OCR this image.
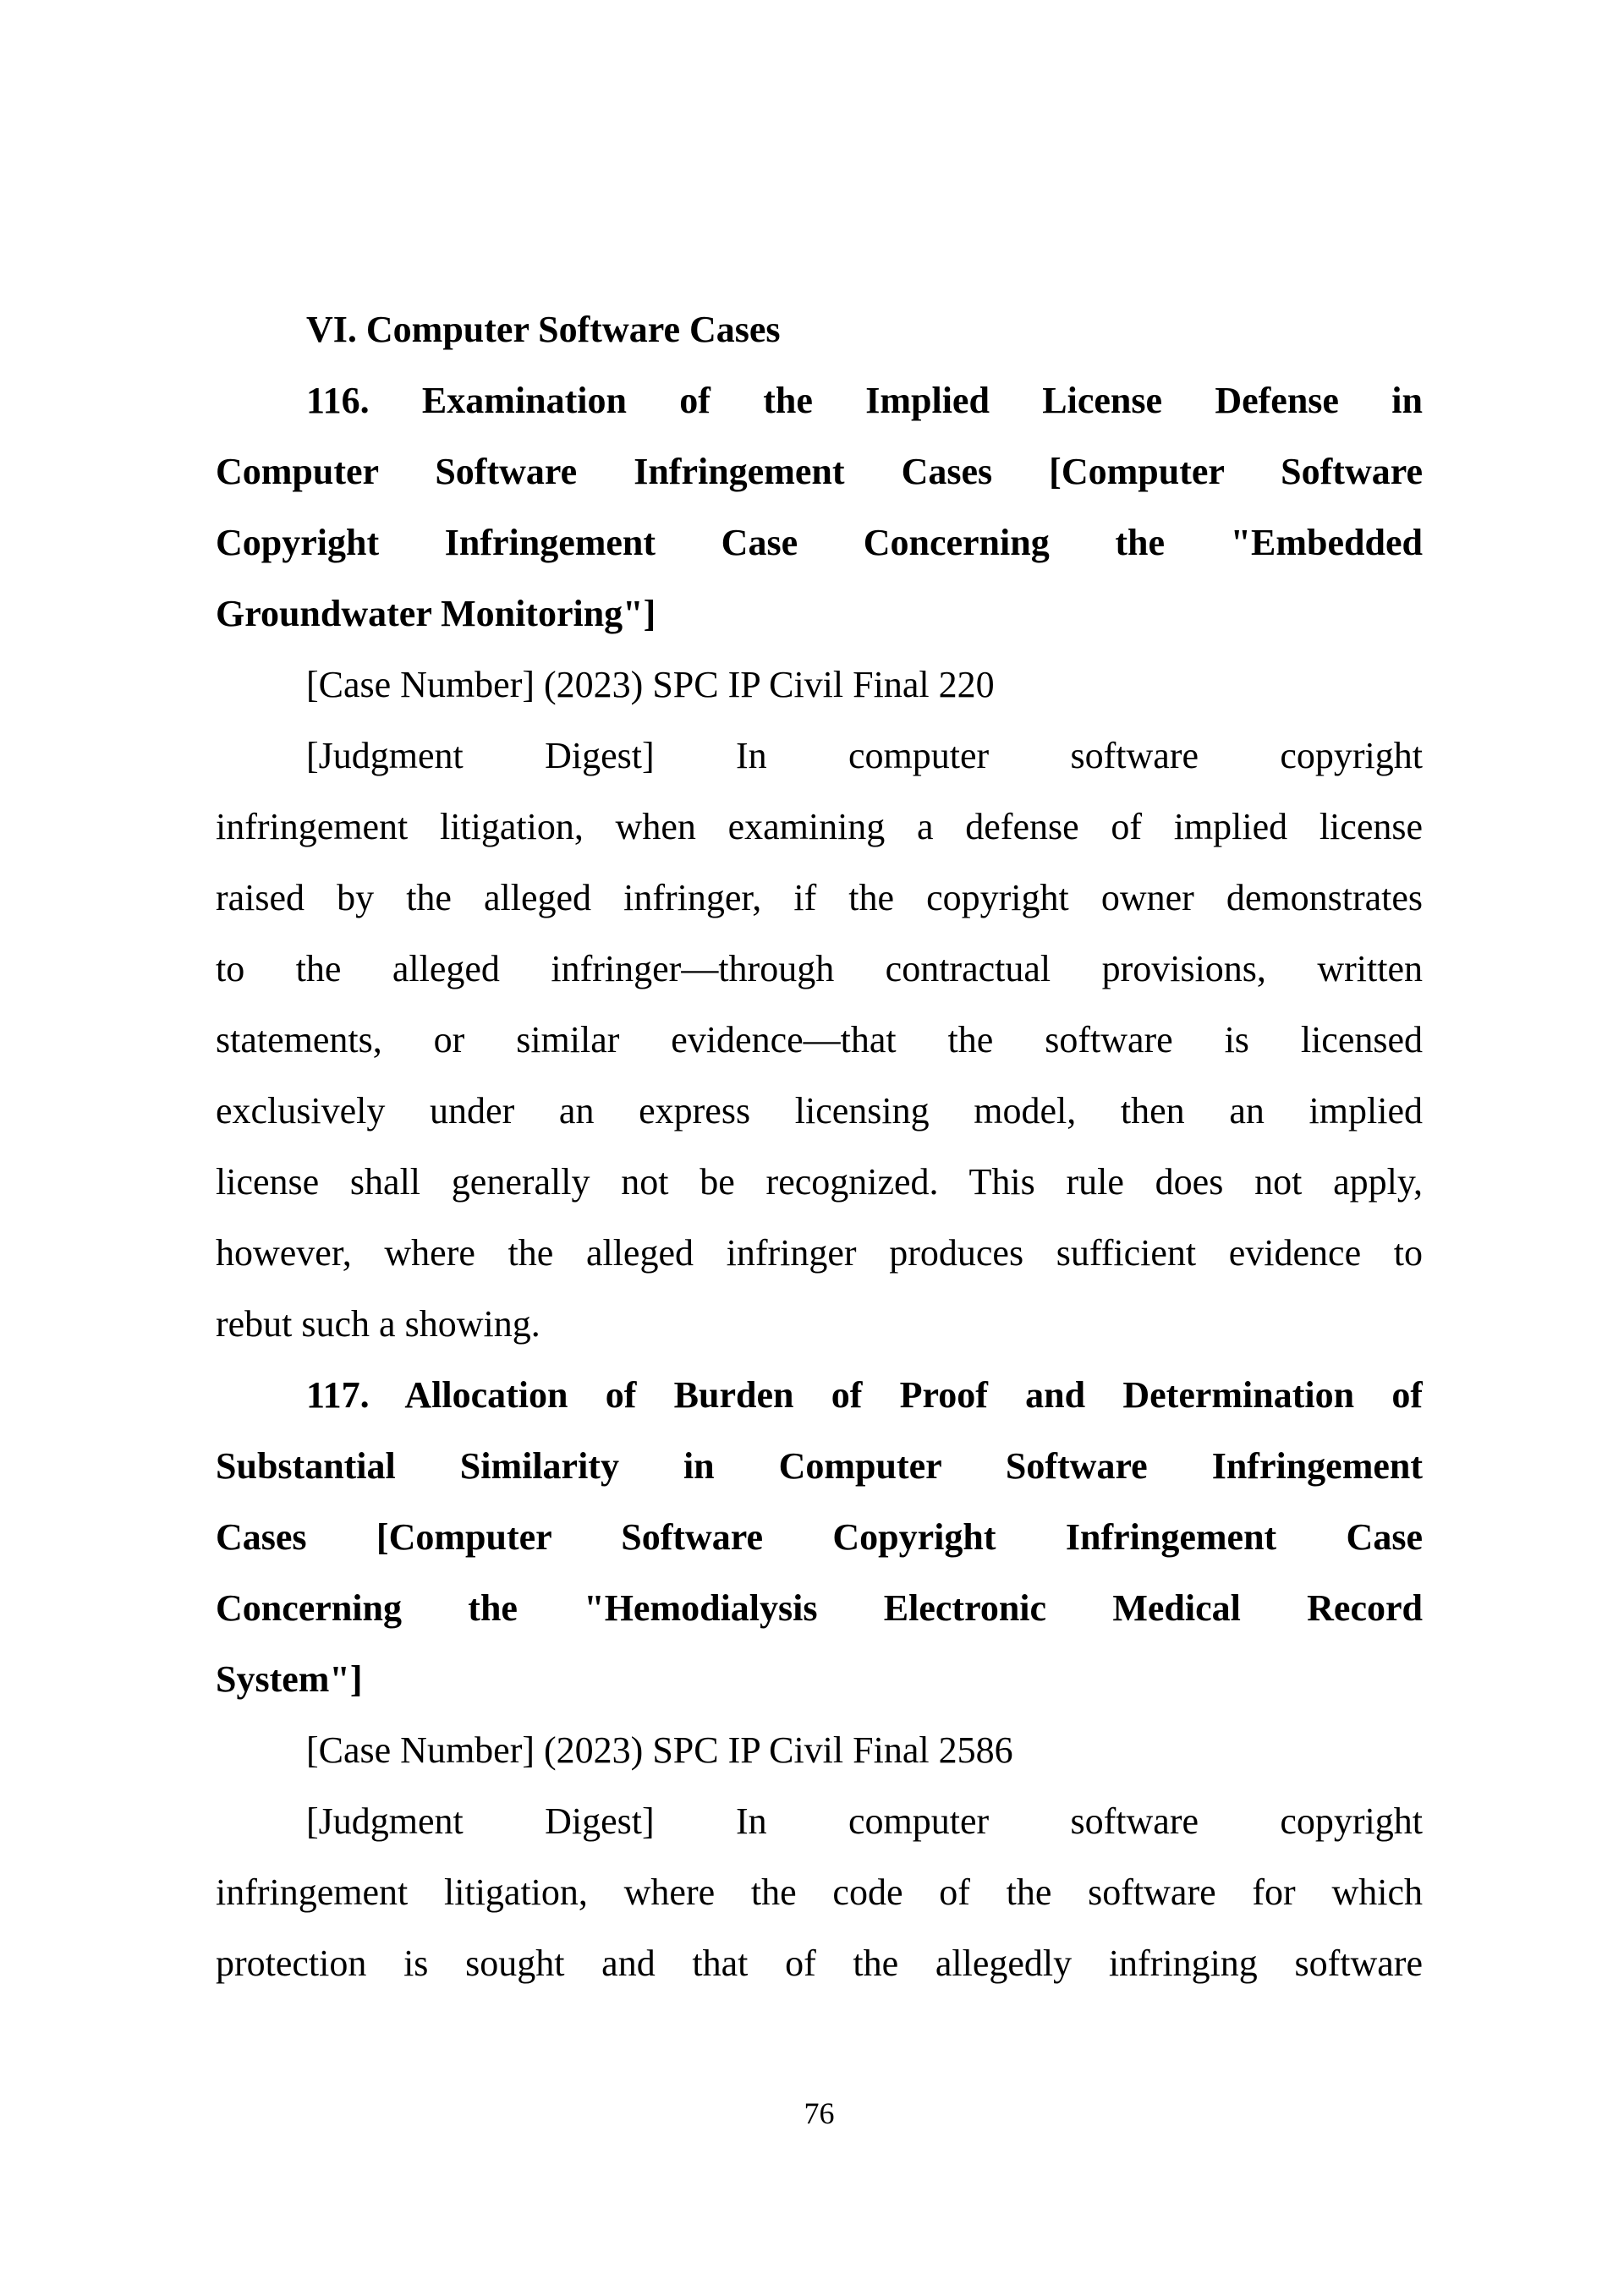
VI. Computer Software Cases
116. Examination of the Implied License Defense in
Computer Software Infringement Cases [Computer Software
Copyright Infringement Case Concerning the "Embedded
Groundwater Monitoring"]
[Case Number] (2023) SPC IP Civil Final 220
[Judgment Digest] In computer software copyright
infringement litigation, when examining a defense of implied license
raised by the alleged infringer, if the copyright owner demonstrates
to the alleged infringer—through contractual provisions, written
statements, or similar evidence—that the software is licensed
exclusively under an express licensing model, then an implied
license shall generally not be recognized. This rule does not apply,
however, where the alleged infringer produces sufficient evidence to
rebut such a showing.
117. Allocation of Burden of Proof and Determination of
Substantial Similarity in Computer Software Infringement
Cases [Computer Software Copyright Infringement Case
Concerning the "Hemodialysis Electronic Medical Record
System"]
[Case Number] (2023) SPC IP Civil Final 2586
[Judgment Digest] In computer software copyright
infringement litigation, where the code of the software for which
protection is sought and that of the allegedly infringing software
76
